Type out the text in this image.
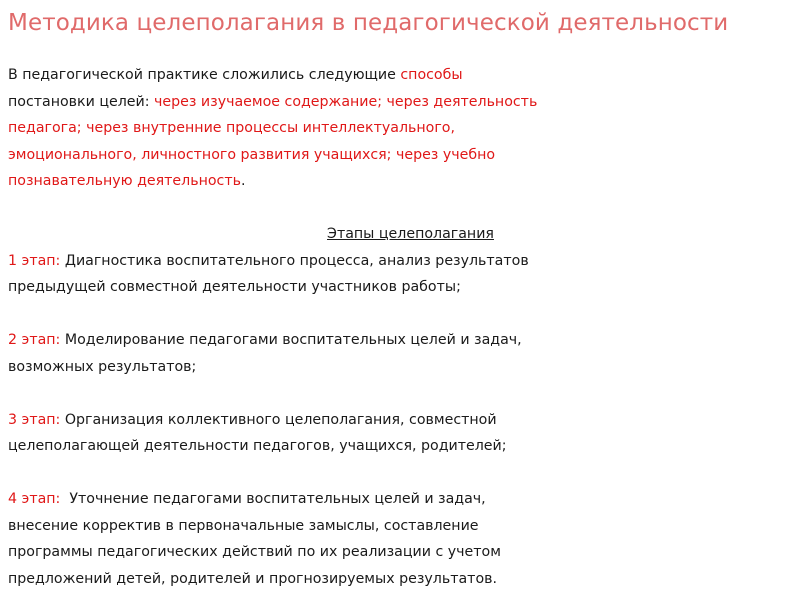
Методика целеполагания в педагогической деятельности
В педагогической практике сложились следующие способы
постановки целей: через изучаемое содержание; через деятельность
педагога; через внутренние процессы интеллектуального,
эмоционального, личностного развития учащихся; через учебно
познавательную деятельность.
Этапы целеполагания
1 этап: Диагностика воспитательного процесса, анализ результатов
предыдущей совместной деятельности участников работы;
2 этап: Моделирование педагогами воспитательных целей и задач,
возможных результатов;
3 этап: Организация коллективного целеполагания, совместной
целеполагающей деятельности педагогов, учащихся, родителей;
4 этап:  Уточнение педагогами воспитательных целей и задач,
внесение корректив в первоначальные замыслы, составление
программы педагогических действий по их реализации с учетом
предложений детей, родителей и прогнозируемых результатов.
